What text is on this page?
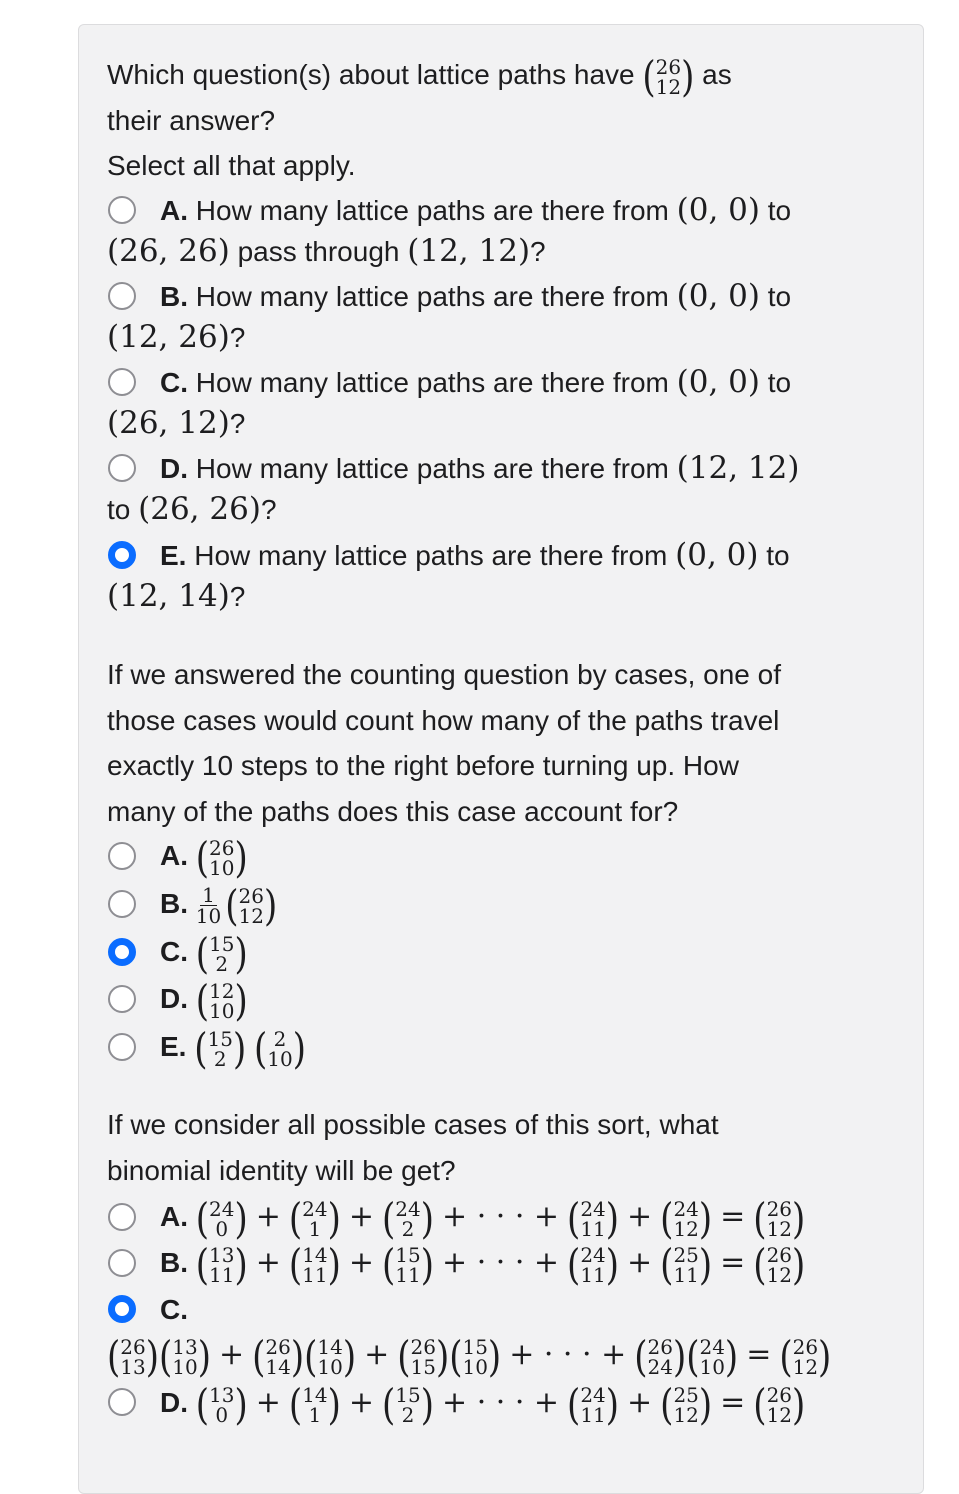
Which question(s) about lattice paths have ( 26
12 ) as
their answer?
Select all that apply.
A. How many lattice paths are there from (0, 0) to
(26, 26) pass through (12, 12)?
B. How many lattice paths are there from (0, 0) to
(12, 26)?
C. How many lattice paths are there from (0, 0) to
(26, 12)?
D. How many lattice paths are there from (12, 12)
to (26, 26)?
E. How many lattice paths are there from (0, 0) to
(12, 14)?
If we answered the counting question by cases, one of
those cases would count how many of the paths travel
exactly 10 steps to the right before turning up. How
many of the paths does this case account for?
A. ( 26
10 )
B. $\frac{1}{10}$ ( 26
12 )
C. ( 15
2 )
D. ( 12
10 )
E. ( 15
2 )
( 2
10 )
If we consider all possible cases of this sort, what
binomial identity will be get?
A. ( 24
0 ) + ( 24
1 ) + ( 24
2 ) + · · · + ( 24
11 ) + ( 24
12 ) = ( 26
12 )
B. ( 13
11 ) + ( 14
11 ) + ( 15
11 ) + · · · + ( 24
11 ) + ( 25
11 ) = ( 26
12 )
C.
( 26
13 ) ( 13
10 ) + ( 26
14 ) ( 14
10 ) + ( 26
15 ) ( 15
10 ) + · · · + ( 26
24 ) ( 24
10 ) = ( 26
12 )
D. ( 13
0 ) + ( 14
1 ) + ( 15
2 ) + · · · + ( 24
11 ) + ( 25
12 ) = ( 26
12 )
